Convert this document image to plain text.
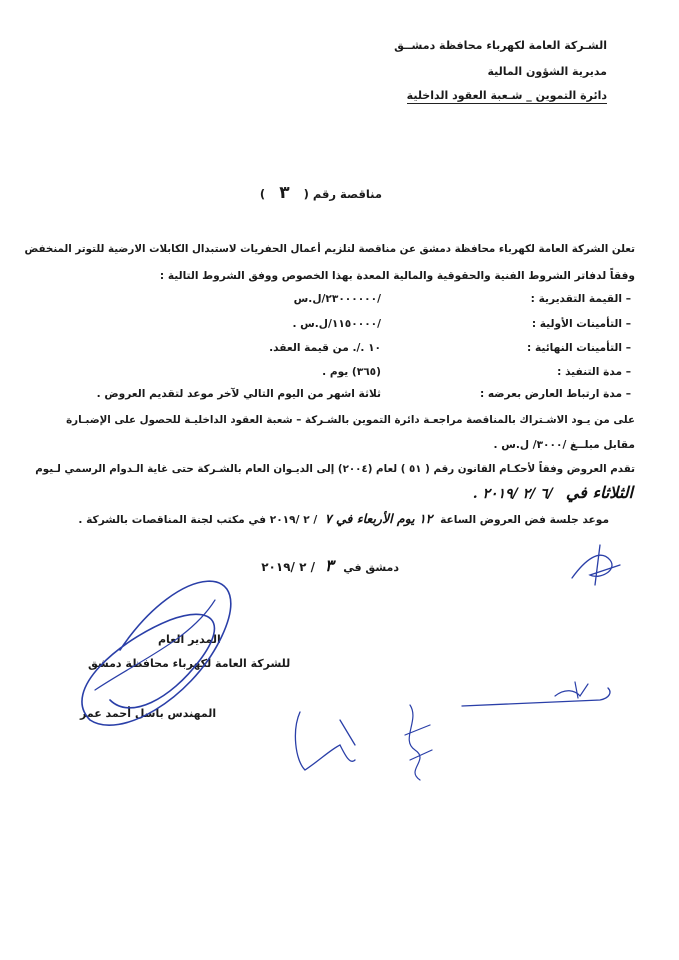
الشـركة العامة لكهرباء محافظة دمشــق
مديرية الشؤون المالية
دائرة التموين _ شـعبة العقود الداخلية
مناقصة رقم ( ٣ )
تعلن الشركة العامة لكهرباء محافظة دمشق عن مناقصة لتلزيم أعمال الحفريات لاستبدال الكابلات الارضية للتوتر المنخفض
وفقاً لدفاتر الشروط الفنية والحقوقية والمالية المعدة بهذا الخصوص ووفق الشروط التالية :
– القيمة التقديرية :
/٢٣٠٠٠٠٠٠/ل.س
– التأمينات الأولية :
/١١٥٠٠٠٠/ل.س .
– التأمينات النهائية :
١٠ ./. من قيمة العقد.
– مدة التنفيذ :
(٣٦٥) يوم .
– مدة ارتباط العارض بعرضه :
ثلاثة اشهر من اليوم التالي لآخر موعد لتقديم العروض .
على من يـود الاشـتراك بالمناقصة مراجعـة دائرة التموين بالشـركة – شعبة العقود الداخليـة للحصول على الإضبـارة
مقابل مبلــغ /٣٠٠٠/ ل.س .
تقدم العروض وفقاً لأحكـام القانون رقم ( ٥١ ) لعام (٢٠٠٤) إلى الديـوان العام بالشـركة حتى غاية الـدوام الرسمي لـيوم
الثلاثاء في /٦ /٢ /٢٠١٩ .
موعد جلسة فض العروض الساعة ١٢ يوم الأربعاء في ٧ / ٢ /٢٠١٩ في مكتب لجنة المناقصات بالشركة .
دمشق في ٣ / ٢ /٢٠١٩
المدير العام
للشركة العامة لكهرباء محافظة دمشق
المهندس باسل أحمد عمر
